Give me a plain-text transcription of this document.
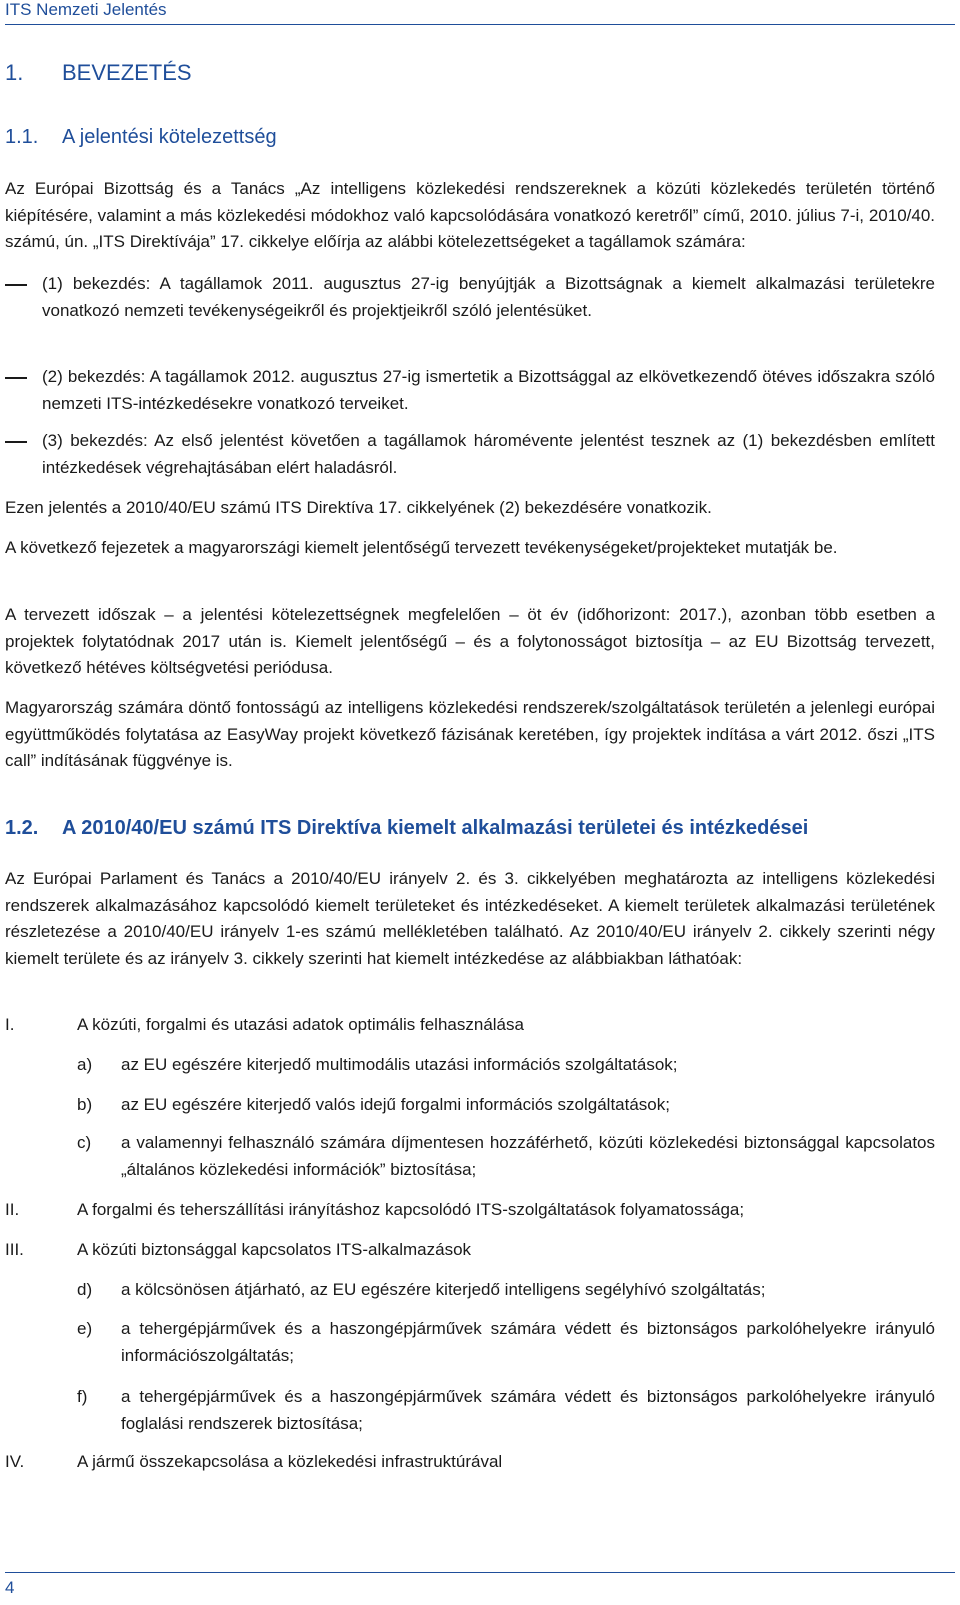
ITS Nemzeti Jelentés
1. BEVEZETÉS
1.1. A jelentési kötelezettség
Az Európai Bizottság és a Tanács „Az intelligens közlekedési rendszereknek a közúti közlekedés területén történő kiépítésére, valamint a más közlekedési módokhoz való kapcsolódására vonatkozó keretről” című, 2010. július 7-i, 2010/40. számú, ún. „ITS Direktívája” 17. cikkelye előírja az alábbi kötelezettségeket a tagállamok számára:
(1) bekezdés: A tagállamok 2011. augusztus 27-ig benyújtják a Bizottságnak a kiemelt alkalmazási területekre vonatkozó nemzeti tevékenységeikről és projektjeikről szóló jelentésüket.
(2) bekezdés: A tagállamok 2012. augusztus 27-ig ismertetik a Bizottsággal az elkövetkezendő ötéves időszakra szóló nemzeti ITS-intézkedésekre vonatkozó terveiket.
(3) bekezdés: Az első jelentést követően a tagállamok háromévente jelentést tesznek az (1) bekezdésben említett intézkedések végrehajtásában elért haladásról.
Ezen jelentés a 2010/40/EU számú ITS Direktíva 17. cikkelyének (2) bekezdésére vonatkozik.
A következő fejezetek a magyarországi kiemelt jelentőségű tervezett tevékenységeket/projekteket mutatják be.
A tervezett időszak – a jelentési kötelezettségnek megfelelően – öt év (időhorizont: 2017.), azonban több esetben a projektek folytatódnak 2017 után is. Kiemelt jelentőségű – és a folytonosságot biztosítja – az EU Bizottság tervezett, következő hétéves költségvetési periódusa.
Magyarország számára döntő fontosságú az intelligens közlekedési rendszerek/szolgáltatások területén a jelenlegi európai együttműködés folytatása az EasyWay projekt következő fázisának keretében, így projektek indítása a várt 2012. őszi „ITS call” indításának függvénye is.
1.2. A 2010/40/EU számú ITS Direktíva kiemelt alkalmazási területei és intézkedései
Az Európai Parlament és Tanács a 2010/40/EU irányelv 2. és 3. cikkelyében meghatározta az intelligens közlekedési rendszerek alkalmazásához kapcsolódó kiemelt területeket és intézkedéseket. A kiemelt területek alkalmazási területének részletezése a 2010/40/EU irányelv 1-es számú mellékletében található. Az 2010/40/EU irányelv 2. cikkely szerinti négy kiemelt területe és az irányelv 3. cikkely szerinti hat kiemelt intézkedése az alábbiakban láthatóak:
I.	A közúti, forgalmi és utazási adatok optimális felhasználása
a) az EU egészére kiterjedő multimodális utazási információs szolgáltatások;
b) az EU egészére kiterjedő valós idejű forgalmi információs szolgáltatások;
c) a valamennyi felhasználó számára díjmentesen hozzáférhető, közúti közlekedési biztonsággal kapcsolatos „általános közlekedési információk” biztosítása;
II.	A forgalmi és teherszállítási irányításhoz kapcsolódó ITS-szolgáltatások folyamatossága;
III.	A közúti biztonsággal kapcsolatos ITS-alkalmazások
d) a kölcsönösen átjárható, az EU egészére kiterjedő intelligens segélyhívó szolgáltatás;
e) a tehergépjárművek és a haszongépjárművek számára védett és biztonságos parkolóhelyekre irányuló információszolgáltatás;
f) a tehergépjárművek és a haszongépjárművek számára védett és biztonságos parkolóhelyekre irányuló foglalási rendszerek biztosítása;
IV.	A jármű összekapcsolása a közlekedési infrastruktúrával
4
